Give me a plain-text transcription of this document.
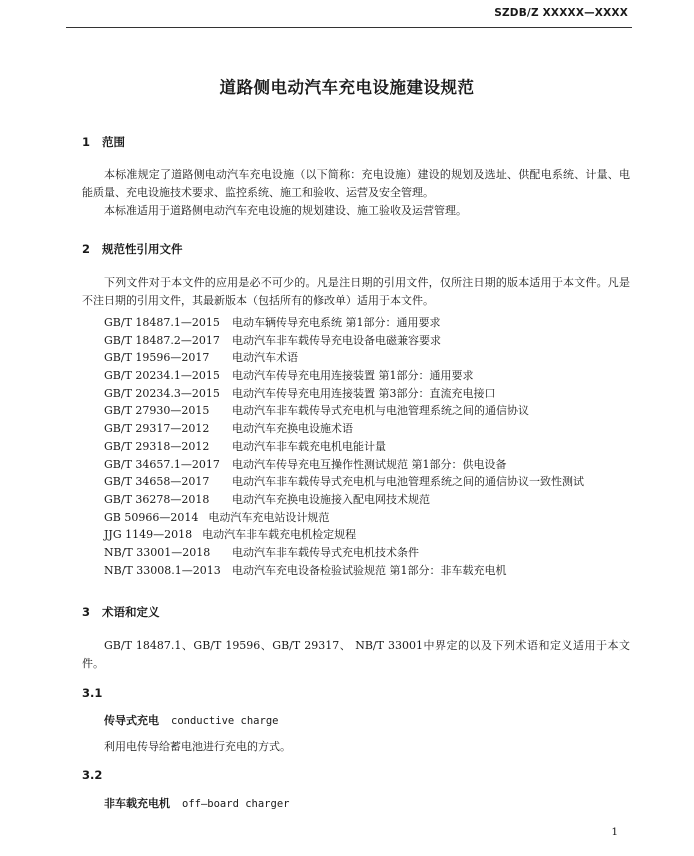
SZDB/Z XXXXX—XXXX
道路侧电动汽车充电设施建设规范
1 范围
本标准规定了道路侧电动汽车充电设施（以下简称：充电设施）建设的规划及选址、供配电系统、计量、电能质量、充电设施技术要求、监控系统、施工和验收、运营及安全管理。
本标准适用于道路侧电动汽车充电设施的规划建设、施工验收及运营管理。
2 规范性引用文件
下列文件对于本文件的应用是必不可少的。凡是注日期的引用文件，仅所注日期的版本适用于本文件。凡是不注日期的引用文件，其最新版本（包括所有的修改单）适用于本文件。
GB/T 18487.1—2015 电动车辆传导充电系统 第1部分：通用要求
GB/T 18487.2—2017 电动汽车非车载传导充电设备电磁兼容要求
GB/T 19596—2017 电动汽车术语
GB/T 20234.1—2015 电动汽车传导充电用连接装置 第1部分：通用要求
GB/T 20234.3—2015 电动汽车传导充电用连接装置 第3部分：直流充电接口
GB/T 27930—2015 电动汽车非车载传导式充电机与电池管理系统之间的通信协议
GB/T 29317—2012 电动汽车充换电设施术语
GB/T 29318—2012 电动汽车非车载充电机电能计量
GB/T 34657.1—2017 电动汽车传导充电互操作性测试规范 第1部分：供电设备
GB/T 34658—2017 电动汽车非车载传导式充电机与电池管理系统之间的通信协议一致性测试
GB/T 36278—2018 电动汽车充换电设施接入配电网技术规范
GB 50966—2014 电动汽车充电站设计规范
JJG 1149—2018 电动汽车非车载充电机检定规程
NB/T 33001—2018 电动汽车非车载传导式充电机技术条件
NB/T 33008.1—2013 电动汽车充电设备检验试验规范 第1部分：非车载充电机
3 术语和定义
GB/T 18487.1、GB/T 19596、GB/T 29317、 NB/T 33001中界定的以及下列术语和定义适用于本文件。
3.1
传导式充电 conductive charge
利用电传导给蓄电池进行充电的方式。
3.2
非车载充电机 off—board charger
1
